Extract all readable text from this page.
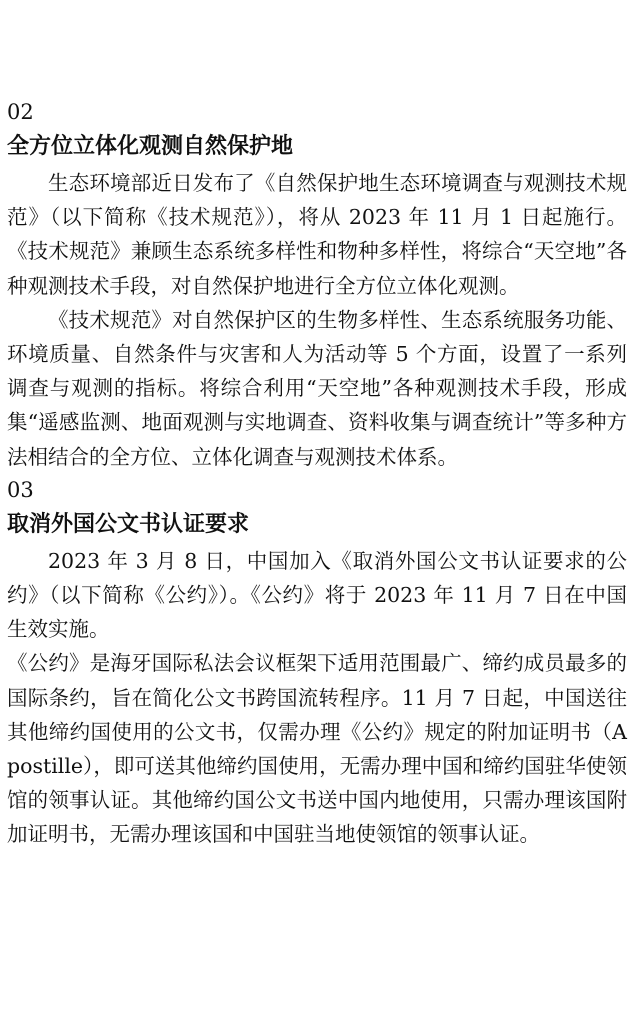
02
全方位立体化观测自然保护地

生态环境部近日发布了《自然保护地生态环境调查与观测技术规范》（以下简称《技术规范》），将从 2023 年 11 月 1 日起施行。《技术规范》兼顾生态系统多样性和物种多样性，将综合“天空地”各种观测技术手段，对自然保护地进行全方位立体化观测。

《技术规范》对自然保护区的生物多样性、生态系统服务功能、环境质量、自然条件与灾害和人为活动等 5 个方面，设置了一系列调查与观测的指标。将综合利用“天空地”各种观测技术手段，形成集“遥感监测、地面观测与实地调查、资料收集与调查统计”等多种方法相结合的全方位、立体化调查与观测技术体系。

03
取消外国公文书认证要求

2023 年 3 月 8 日，中国加入《取消外国公文书认证要求的公约》（以下简称《公约》）。《公约》将于 2023 年 11 月 7 日在中国生效实施。

《公约》是海牙国际私法会议框架下适用范围最广、缔约成员最多的国际条约，旨在简化公文书跨国流转程序。11 月 7 日起，中国送往其他缔约国使用的公文书，仅需办理《公约》规定的附加证明书（Apostille），即可送其他缔约国使用，无需办理中国和缔约国驻华使领馆的领事认证。其他缔约国公文书送中国内地使用，只需办理该国附加证明书，无需办理该国和中国驻当地使领馆的领事认证。
